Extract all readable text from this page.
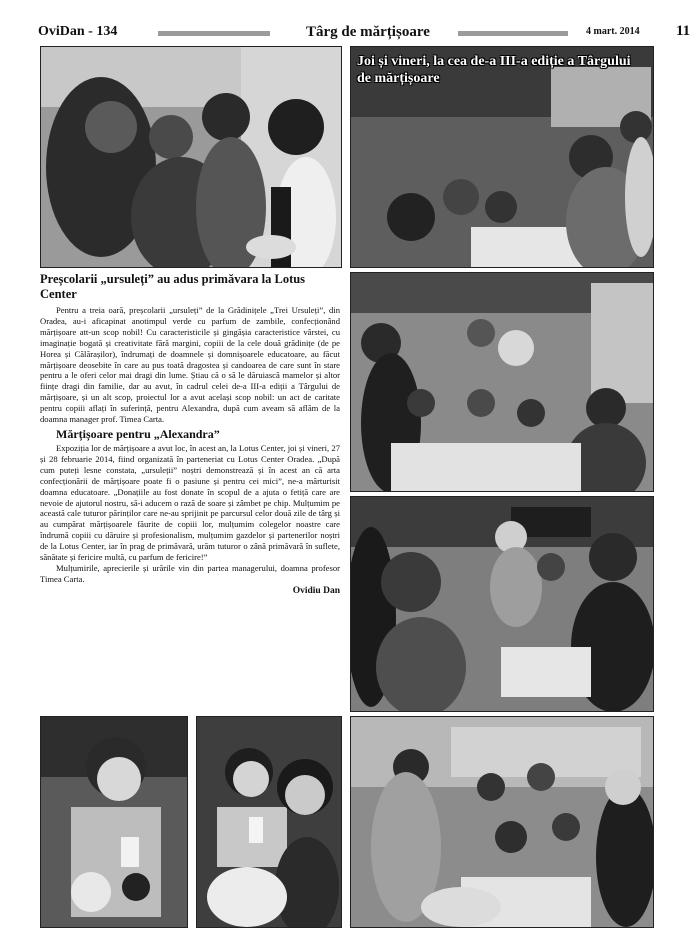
OviDan - 134	Târg de mărțișoare	4 mart. 2014 11
Joi și vineri, la cea de-a III-a ediție a Târgului de mărțișoare
Preșcolarii „ursuleți” au adus primăvara la Lotus Center

Pentru a treia oară, preșcolarii „ursuleți” de la Grădinițele „Trei Ursuleți”, din Oradea, au-i aficapinat anotimpul verde cu parfum de zambile, confecționând mărțișoare att-un scop nobil! Cu caracteristicile și gingășia caracteristice vârstei, cu imaginație bogată și creativitate fără margini, copiii de la cele două grădinițe (de pe Horea și Călărașilor), îndrumați de doamnele și domnișoarele educatoare, au făcut mărțișoare deosebite în care au pus toată dragostea și candoarea de care sunt în stare pentru a le oferi celor mai dragi din lume. Știau că o să le dăruiască mamelor și altor ființe dragi din familie, dar au avut, în cadrul celei de-a III-a ediții a Târgului de mărțișoare, și un alt scop, proiectul lor a avut același scop nobil: un act de caritate pentru copiii aflați în suferință, pentru Alexandra, după cum aveam să aflăm de la doamna manager prof. Timea Carta.

Mărțișoare pentru „Alexandra”

Expoziția lor de mărțișoare a avut loc, în acest an, la Lotus Center, joi și vineri, 27 și 28 februarie 2014, fiind organizată în parteneriat cu Lotus Center Oradea. „După cum puteți lesne constata, „ursuleții” noștri demonstrează și în acest an că arta confecționării de mărțișoare poate fi o pasiune și pentru cei mici”, ne-a mărturisit doamna educatoare. „Donațiile au fost donate în scopul de a ajuta o fetiță care are nevoie de ajutorul nostru, să-i aducem o rază de soare și zâmbet pe chip. Mulțumim pe această cale tuturor părinților care ne-au sprijinit pe parcursul celor două zile de târg și au cumpărat mărțișoarele făurite de copiii lor, mulțumim colegelor noastre care îndrumă copiii cu dăruire și profesionalism, mulțumim gazdelor și partenerilor noștri de la Lotus Center, iar în prag de primăvară, urăm tuturor o zână primăvară în suflete, sănătate și fericire multă, cu parfum de fericire!”

Mulțumirile, aprecierile și urările vin din partea managerului, doamna profesor Timea Carta.

Ovidiu Dan
